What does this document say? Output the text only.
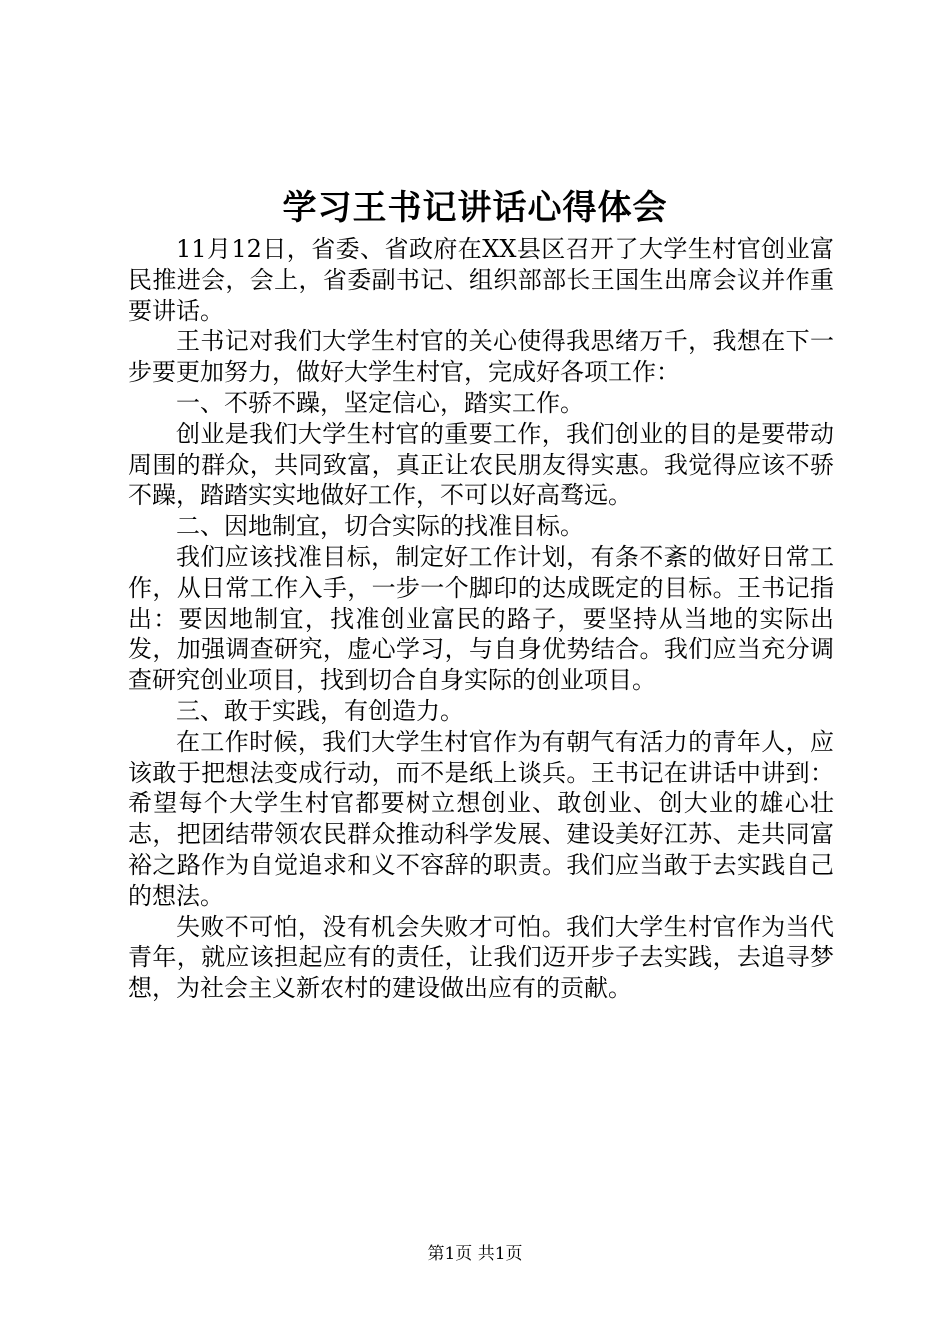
学习王书记讲话心得体会

11月12日，省委、省政府在XX县区召开了大学生村官创业富民推进会，会上，省委副书记、组织部部长王国生出席会议并作重要讲话。

王书记对我们大学生村官的关心使得我思绪万千，我想在下一步要更加努力，做好大学生村官，完成好各项工作：

一、不骄不躁，坚定信心，踏实工作。

创业是我们大学生村官的重要工作，我们创业的目的是要带动周围的群众，共同致富，真正让农民朋友得实惠。我觉得应该不骄不躁，踏踏实实地做好工作，不可以好高骛远。

二、因地制宜，切合实际的找准目标。

我们应该找准目标，制定好工作计划，有条不紊的做好日常工作，从日常工作入手，一步一个脚印的达成既定的目标。王书记指出：要因地制宜，找准创业富民的路子，要坚持从当地的实际出发，加强调查研究，虚心学习，与自身优势结合。我们应当充分调查研究创业项目，找到切合自身实际的创业项目。

三、敢于实践，有创造力。

在工作时候，我们大学生村官作为有朝气有活力的青年人，应该敢于把想法变成行动，而不是纸上谈兵。王书记在讲话中讲到：希望每个大学生村官都要树立想创业、敢创业、创大业的雄心壮志，把团结带领农民群众推动科学发展、建设美好江苏、走共同富裕之路作为自觉追求和义不容辞的职责。我们应当敢于去实践自己的想法。

失败不可怕，没有机会失败才可怕。我们大学生村官作为当代青年，就应该担起应有的责任，让我们迈开步子去实践，去追寻梦想，为社会主义新农村的建设做出应有的贡献。

第1页 共1页
